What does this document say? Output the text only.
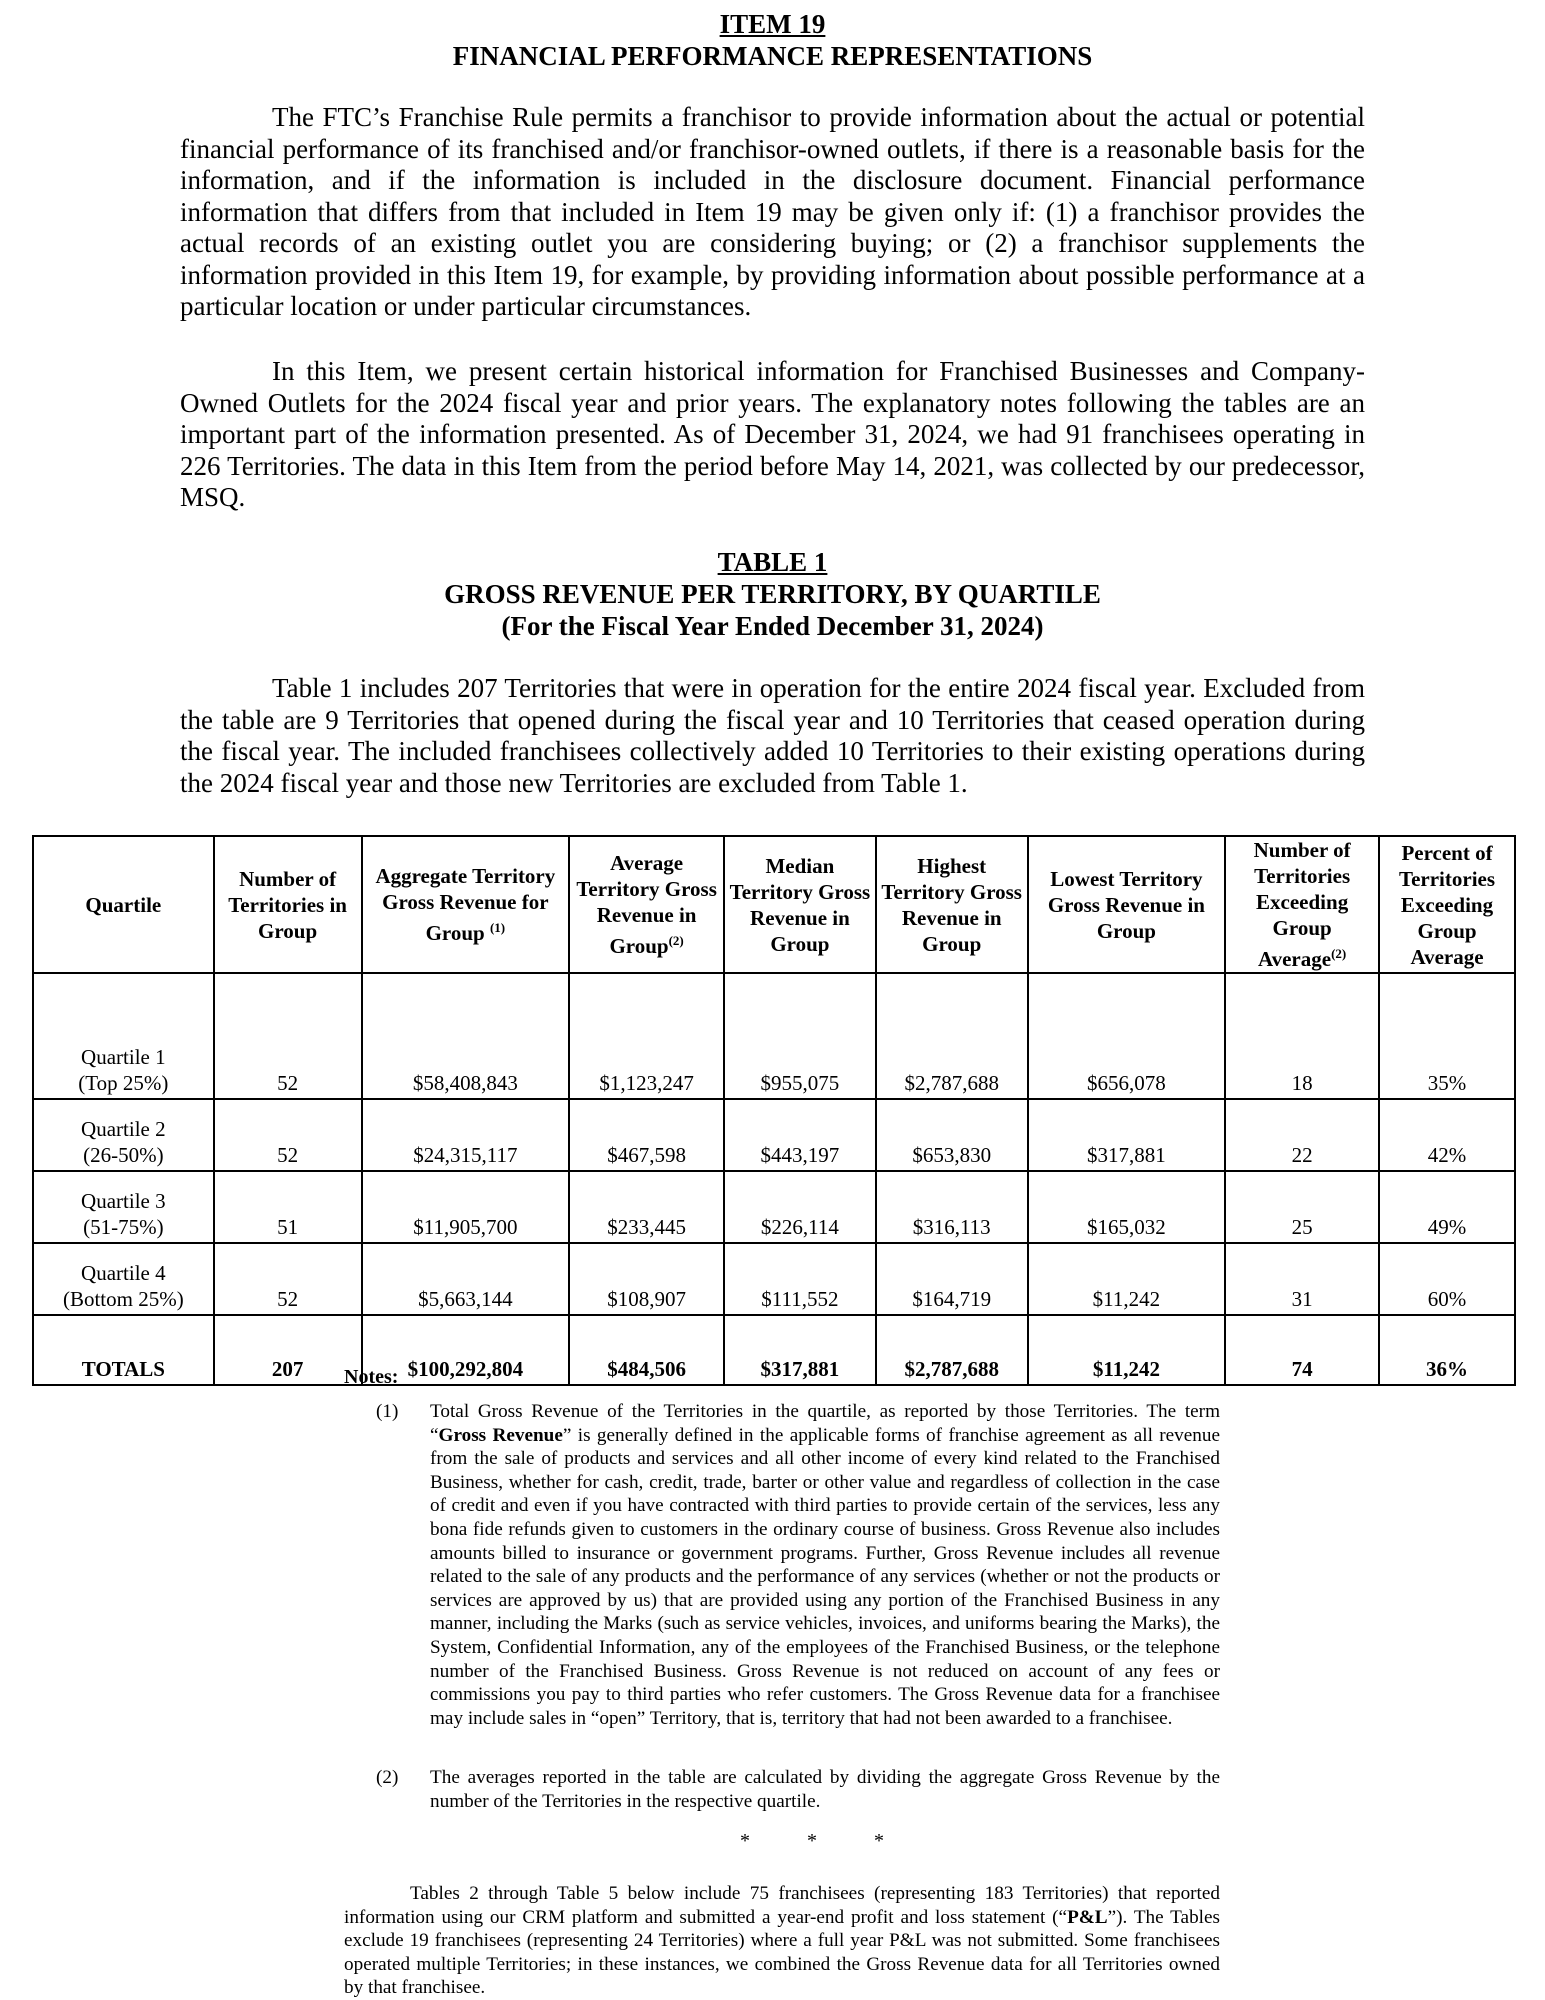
ITEM 19
FINANCIAL PERFORMANCE REPRESENTATIONS

The FTC’s Franchise Rule permits a franchisor to provide information about the actual or potential financial performance of its franchised and/or franchisor-owned outlets, if there is a reasonable basis for the information, and if the information is included in the disclosure document. Financial performance information that differs from that included in Item 19 may be given only if: (1) a franchisor provides the actual records of an existing outlet you are considering buying; or (2) a franchisor supplements the information provided in this Item 19, for example, by providing information about possible performance at a particular location or under particular circumstances.

In this Item, we present certain historical information for Franchised Businesses and Company-Owned Outlets for the 2024 fiscal year and prior years. The explanatory notes following the tables are an important part of the information presented. As of December 31, 2024, we had 91 franchisees operating in 226 Territories. The data in this Item from the period before May 14, 2021, was collected by our predecessor, MSQ.

TABLE 1
GROSS REVENUE PER TERRITORY, BY QUARTILE
(For the Fiscal Year Ended December 31, 2024)

Table 1 includes 207 Territories that were in operation for the entire 2024 fiscal year. Excluded from the table are 9 Territories that opened during the fiscal year and 10 Territories that ceased operation during the fiscal year. The included franchisees collectively added 10 Territories to their existing operations during the 2024 fiscal year and those new Territories are excluded from Table 1.

Quartile	Number of Territories in Group	Aggregate Territory Gross Revenue for Group $^{(1)}$	Average Territory Gross Revenue in Group$^{(2)}$	Median Territory Gross Revenue in Group	Highest Territory Gross Revenue in Group	Lowest Territory Gross Revenue in Group	Number of Territories Exceeding Group Average$^{(2)}$	Percent of Territories Exceeding Group Average

Quartile 1
(Top 25%)	52	$58,408,843	$1,123,247	$955,075	$2,787,688	$656,078	18	35%

Quartile 2
(26-50%)	52	$24,315,117	$467,598	$443,197	$653,830	$317,881	22	42%

Quartile 3
(51-75%)	51	$11,905,700	$233,445	$226,114	$316,113	$165,032	25	49%

Quartile 4
(Bottom 25%)	52	$5,663,144	$108,907	$111,552	$164,719	$11,242	31	60%
TOTALS	207	$100,292,804	$484,506	$317,881	$2,787,688	$11,242	74	36%
Notes:
(1) Total Gross Revenue of the Territories in the quartile, as reported by those Territories. The term “Gross Revenue” is generally defined in the applicable forms of franchise agreement as all revenue from the sale of products and services and all other income of every kind related to the Franchised Business, whether for cash, credit, trade, barter or other value and regardless of collection in the case of credit and even if you have contracted with third parties to provide certain of the services, less any bona fide refunds given to customers in the ordinary course of business. Gross Revenue also includes amounts billed to insurance or government programs. Further, Gross Revenue includes all revenue related to the sale of any products and the performance of any services (whether or not the products or services are approved by us) that are provided using any portion of the Franchised Business in any manner, including the Marks (such as service vehicles, invoices, and uniforms bearing the Marks), the System, Confidential Information, any of the employees of the Franchised Business, or the telephone number of the Franchised Business. Gross Revenue is not reduced on account of any fees or commissions you pay to third parties who refer customers. The Gross Revenue data for a franchisee may include sales in “open” Territory, that is, territory that had not been awarded to a franchisee.
(2) The averages reported in the table are calculated by dividing the aggregate Gross Revenue by the number of the Territories in the respective quartile.
* * *

Tables 2 through Table 5 below include 75 franchisees (representing 183 Territories) that reported information using our CRM platform and submitted a year-end profit and loss statement (“P&L”). The Tables exclude 19 franchisees (representing 24 Territories) where a full year P&L was not submitted. Some franchisees operated multiple Territories; in these instances, we combined the Gross Revenue data for all Territories owned by that franchisee.
